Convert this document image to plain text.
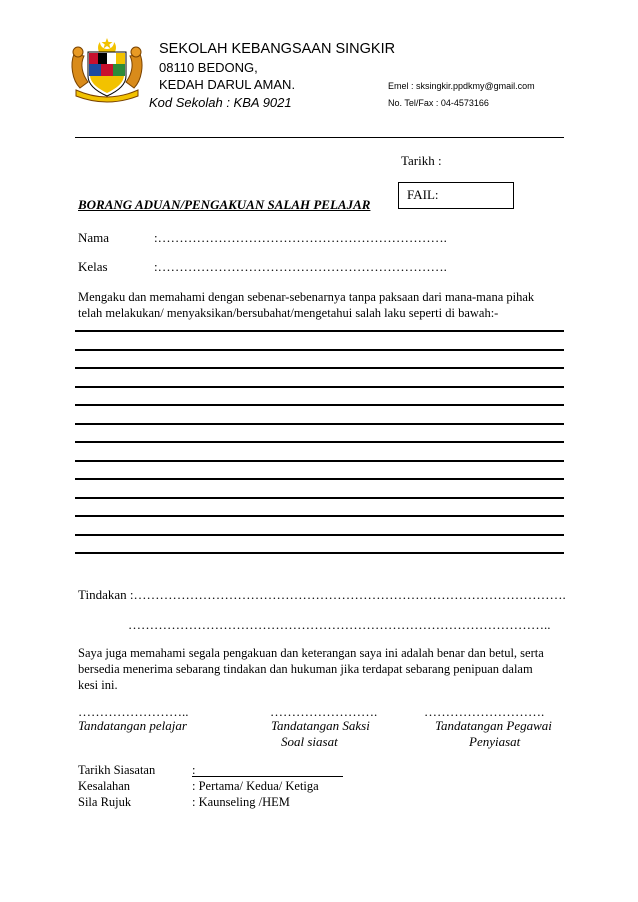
SEKOLAH KEBANGSAAN SINGKIR
08110 BEDONG,
KEDAH DARUL AMAN.
Kod Sekolah : KBA 9021
Emel : sksingkir.ppdkmy@gmail.com
No. Tel/Fax : 04-4573166
Tarikh :
FAIL:
BORANG ADUAN/PENGAKUAN SALAH PELAJAR
Nama	:………………………………………………………….
Kelas	:………………………………………………………….
Mengaku dan memahami dengan sebenar-sebenarnya tanpa paksaan dari mana-mana pihak
telah melakukan/ menyaksikan/bersubahat/mengetahui salah laku seperti di bawah:-
Tindakan :……………………………………………………………………………………….
……………………………………………………………………………………..
Saya juga memahami segala pengakuan dan keterangan saya ini adalah benar dan betul, serta
bersedia menerima sebarang tindakan dan hukuman jika terdapat sebarang penipuan dalam
kesi ini.
……………………..
Tandatangan pelajar
…………………….
Tandatangan Saksi
Soal siasat
……………………….
Tandatangan Pegawai
Penyiasat
Tarikh Siasatan	:
Kesalahan	: Pertama/ Kedua/ Ketiga
Sila Rujuk	: Kaunseling /HEM
